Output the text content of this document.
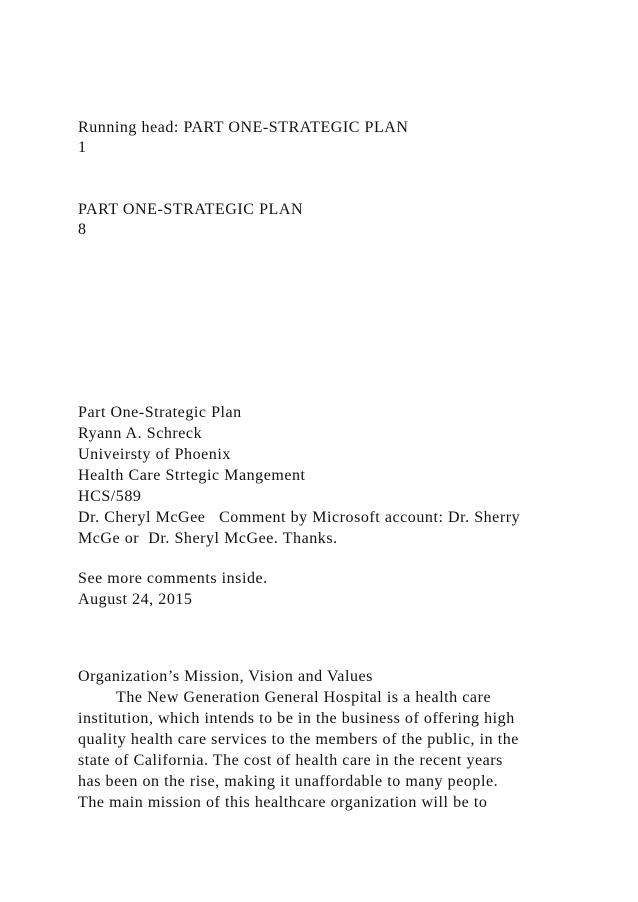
Running head: PART ONE-STRATEGIC PLAN

1

PART ONE-STRATEGIC PLAN

8

Part One-Strategic Plan

Ryann A. Schreck

Univeirsty of Phoenix

Health Care Strtegic Mangement

HCS/589

Dr. Cheryl McGee   Comment by Microsoft account: Dr. Sherry

McGe or  Dr. Sheryl McGee. Thanks.

See more comments inside.

August 24, 2015

Organization’s Mission, Vision and Values

The New Generation General Hospital is a health care

institution, which intends to be in the business of offering high

quality health care services to the members of the public, in the

state of California. The cost of health care in the recent years

has been on the rise, making it unaffordable to many people.

The main mission of this healthcare organization will be to
